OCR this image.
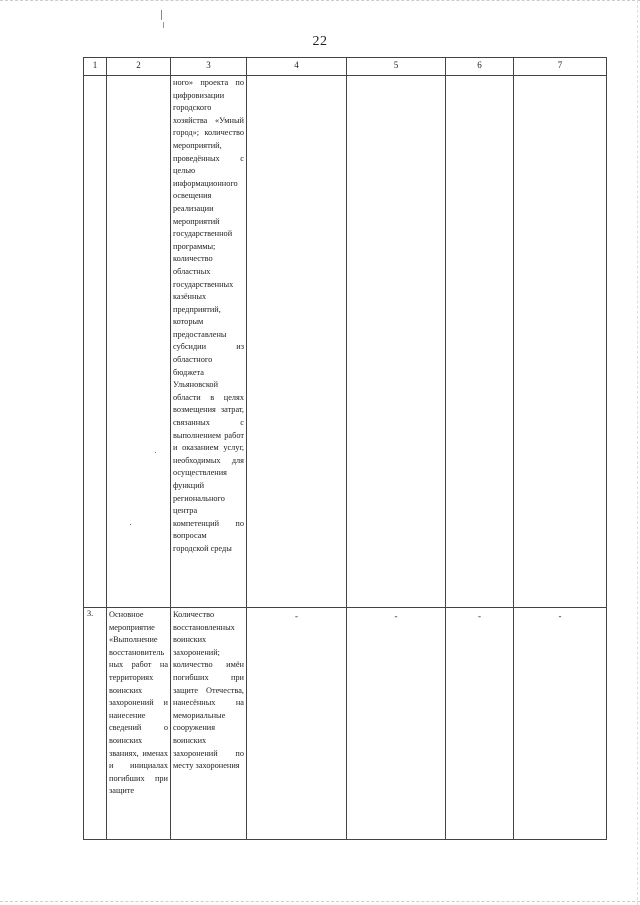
22
1	2	3	4	5	6	7

		ного» проекта по цифровизации городского хозяйства «Умный город»; количество мероприятий, проведённых с целью информационного освещения реализации мероприятий государственной программы; количество областных государственных казённых предприятий, которым предоставлены субсидии из областного бюджета Ульяновской области в целях возмещения затрат, связанных с выполнением работ и оказанием услуг, необходимых для осуществления функций регионального центра компетенций по вопросам городской среды				

3.	Основное мероприятие «Выполнение восстановительных работ на территориях воинских захоронений и нанесение сведений о воинских званиях, именах и инициалах погибших при защите	Количество восстановленных воинских захоронений; количество имён погибших при защите Отечества, нанесённых на мемориальные сооружения воинских захоронений по месту захоронения	-	-	-	-
